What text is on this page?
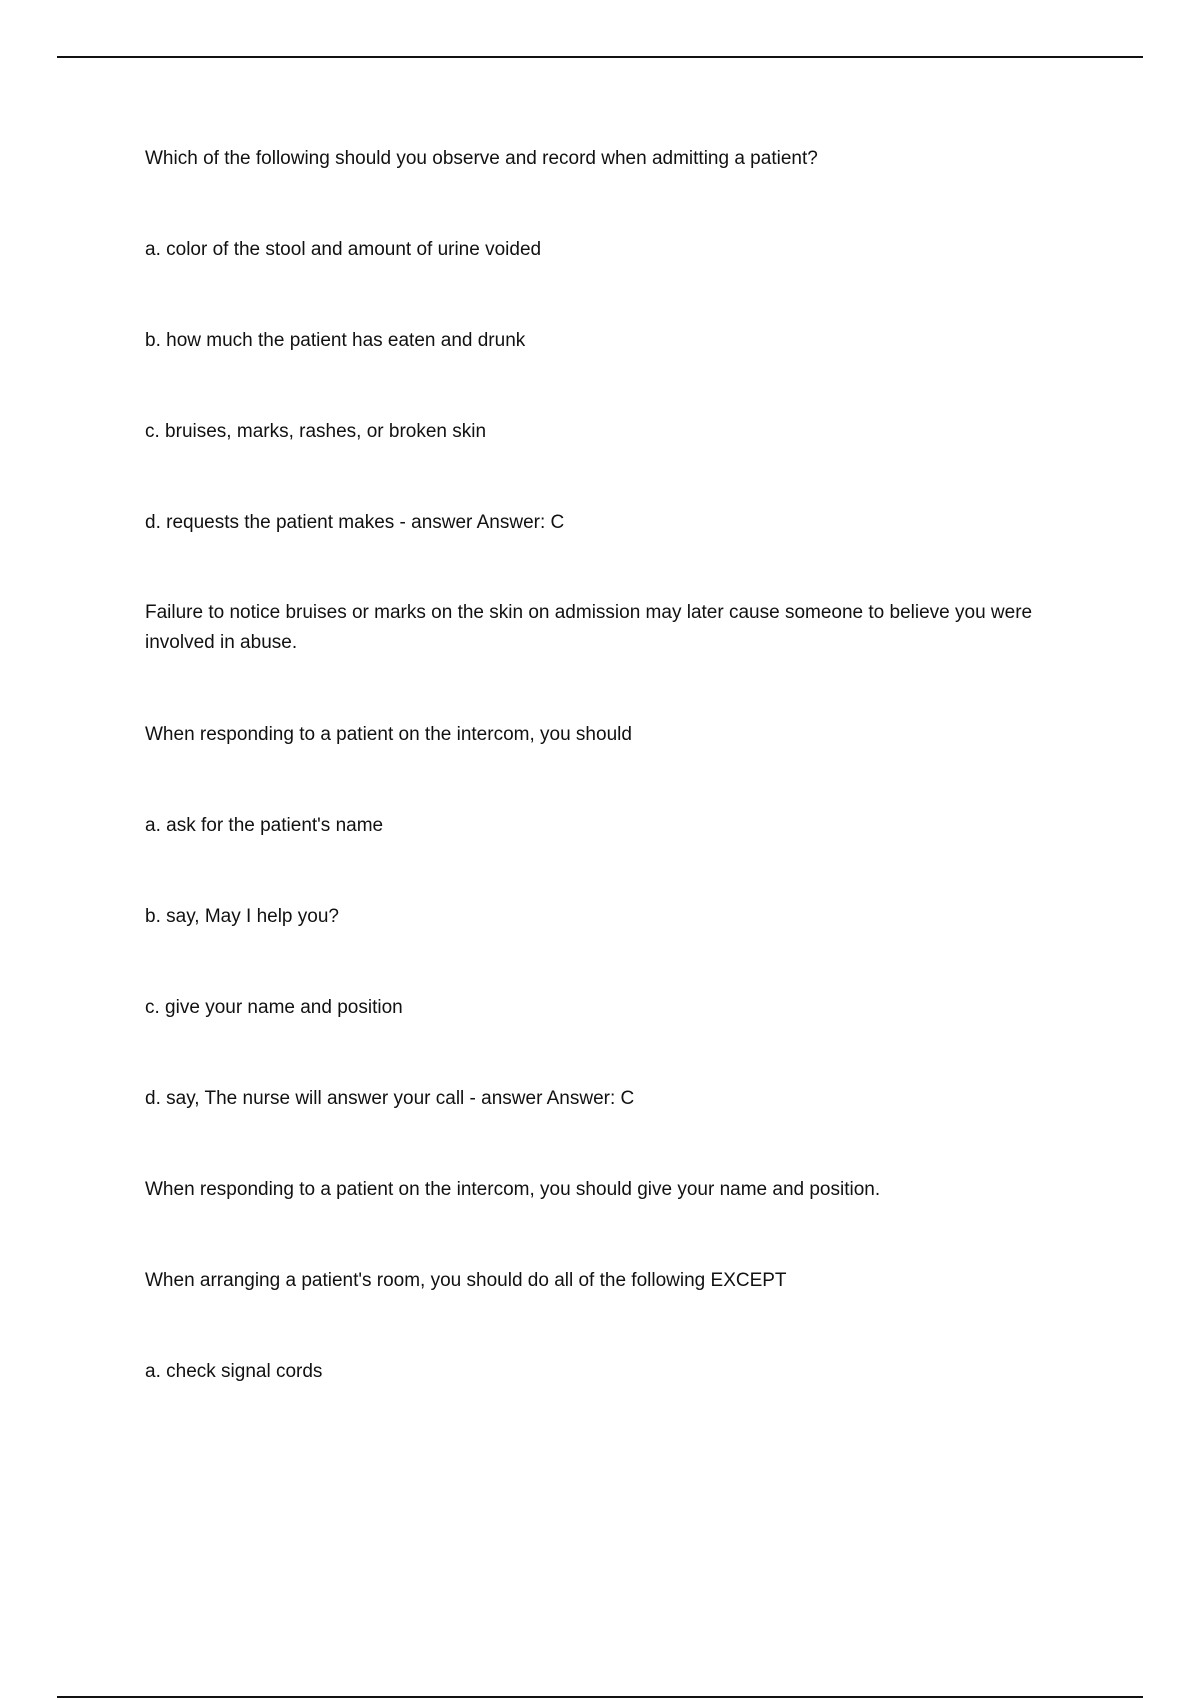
Which of the following should you observe and record when admitting a patient?

a. color of the stool and amount of urine voided

b. how much the patient has eaten and drunk

c. bruises, marks, rashes, or broken skin

d. requests the patient makes - answer Answer: C

Failure to notice bruises or marks on the skin on admission may later cause someone to believe you were involved in abuse.

When responding to a patient on the intercom, you should

a. ask for the patient's name

b. say, May I help you?

c. give your name and position

d. say, The nurse will answer your call - answer Answer: C

When responding to a patient on the intercom, you should give your name and position.

When arranging a patient's room, you should do all of the following EXCEPT

a. check signal cords
